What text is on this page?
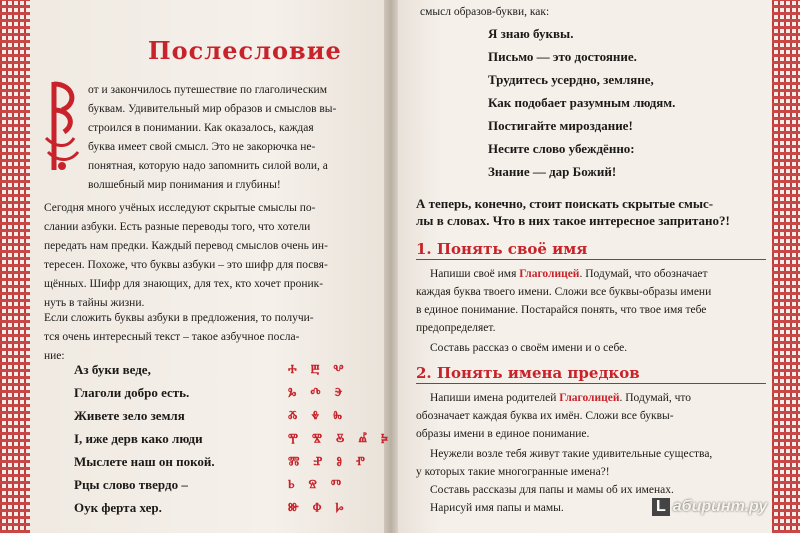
Послесловие
от и закончилось путешествие по глаголическим
буквам. Удивительный мир образов и смыслов вы-
строился в понимании. Как оказалось, каждая
буква имеет свой смысл. Это не закорючка не-
понятная, которую надо запомнить силой воли, а
волшебный мир понимания и глубины!
Сегодня много учёных исследуют скрытые смыслы по-
слании азбуки. Есть разные переводы того, что хотели
передать нам предки. Каждый перевод смыслов очень ин-
тересен. Похоже, что буквы азбуки – это шифр для посвя-
щённых. Шифр для знающих, для тех, кто хочет проник-
нуть в тайны жизни.
Если сложить буквы азбуки в предложения, то получи-
тся очень интересный текст – такое азбучное посла-
ние:
Аз буки веде,
Глаголи добро есть.
Живете зело земля
І, иже дерв како люди
Мыслете наш он покой.
Рцы слово твердо –
Оук ферта хер.
ⰀⰁⰂ
ⰃⰄⰅ
ⰆⰇⰈ
ⰉⰊⰋⰌⰍ
ⰏⰐⰑⰒ
ⰓⰔⰕ
ⰖⰗⰘ
смысл образов-букви, как:
Я знаю буквы.
Письмо — это достояние.
Трудитесь усердно, земляне,
Как подобает разумным людям.
Постигайте мироздание!
Несите слово убеждённо:
Знание — дар Божий!
А теперь, конечно, стоит поискать скрытые смыс-
лы в словах. Что в них такое интересное запритано?!
1. Понять своё имя
Напиши своё имя Глаголицей. Подумай, что обозначает
каждая буква твоего имени. Сложи все буквы-образы имени
в единое понимание. Постарайся понять, что твое имя тебе
предопределяет.
Составь рассказ о своём имени и о себе.
2. Понять имена предков
Напиши имена родителей Глаголицей. Подумай, что
обозначает каждая буква их имён. Сложи все буквы-
образы имени в единое понимание.
Неужели возле тебя живут такие удивительные существа,
у которых такие многогранные имена?!
Составь рассказы для папы и мамы об их именах.
Нарисуй имя папы и мамы.	L абиринт.ру
